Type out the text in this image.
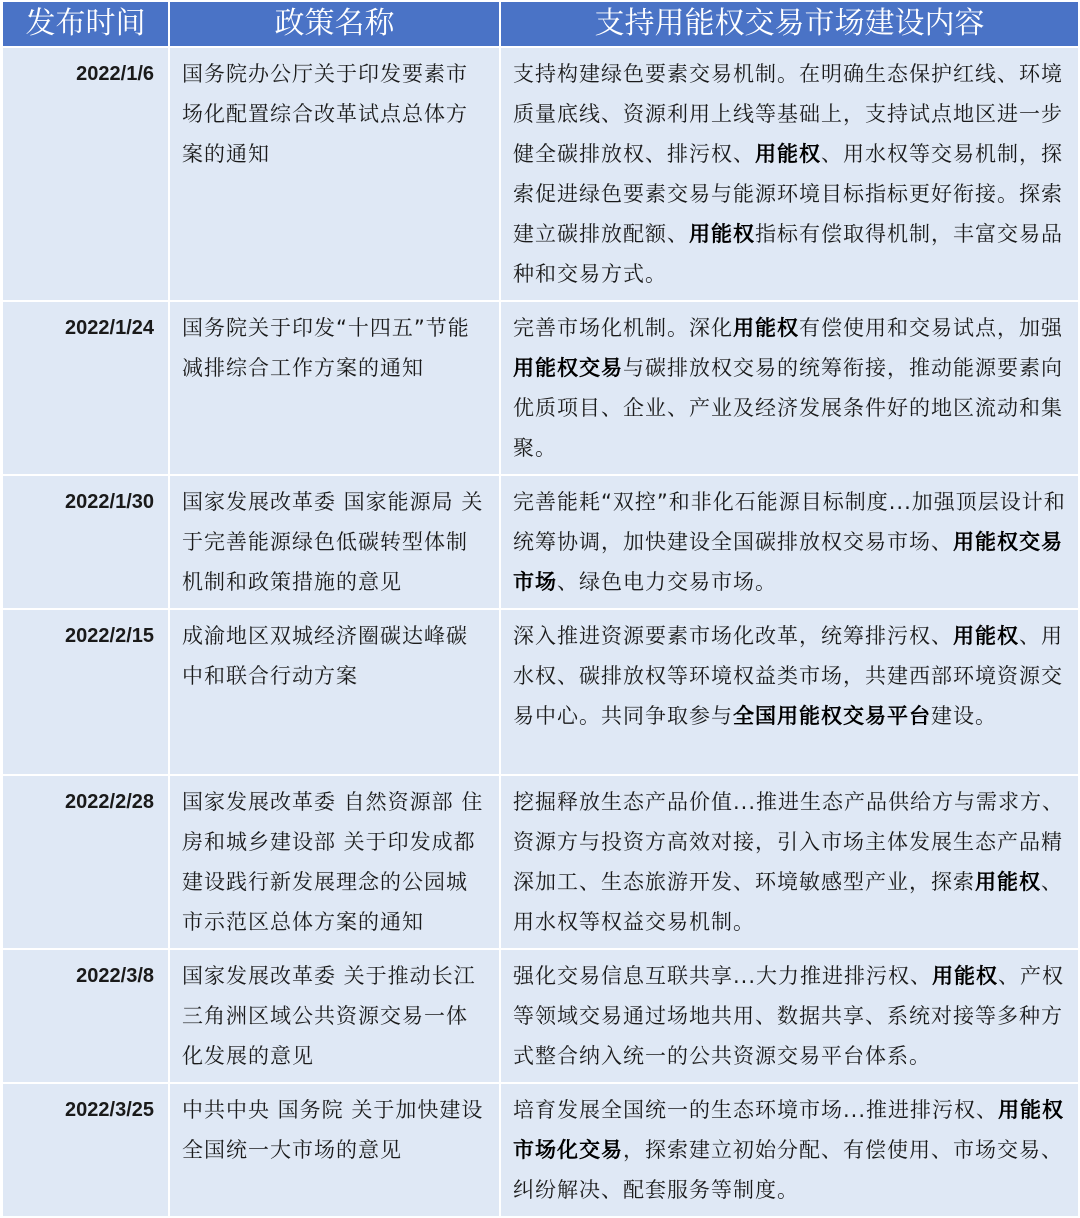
发布时间	政策名称	支持用能权交易市场建设内容
2022/1/6	国务院办公厅关于印发要素市场化配置综合改革试点总体方案的通知	支持构建绿色要素交易机制。在明确生态保护红线、环境质量底线、资源利用上线等基础上，支持试点地区进一步健全碳排放权、排污权、用能权、用水权等交易机制，探索促进绿色要素交易与能源环境目标指标更好衔接。探索建立碳排放配额、用能权指标有偿取得机制，丰富交易品种和交易方式。
2022/1/24	国务院关于印发“十四五”节能减排综合工作方案的通知	完善市场化机制。深化用能权有偿使用和交易试点，加强用能权交易与碳排放权交易的统筹衔接，推动能源要素向优质项目、企业、产业及经济发展条件好的地区流动和集聚。
2022/1/30	国家发展改革委 国家能源局 关于完善能源绿色低碳转型体制机制和政策措施的意见	完善能耗“双控”和非化石能源目标制度...加强顶层设计和统筹协调，加快建设全国碳排放权交易市场、用能权交易市场、绿色电力交易市场。
2022/2/15	成渝地区双城经济圈碳达峰碳中和联合行动方案	深入推进资源要素市场化改革，统筹排污权、用能权、用水权、碳排放权等环境权益类市场，共建西部环境资源交易中心。共同争取参与全国用能权交易平台建设。
2022/2/28	国家发展改革委 自然资源部 住房和城乡建设部 关于印发成都建设践行新发展理念的公园城市示范区总体方案的通知	挖掘释放生态产品价值...推进生态产品供给方与需求方、资源方与投资方高效对接，引入市场主体发展生态产品精深加工、生态旅游开发、环境敏感型产业，探索用能权、用水权等权益交易机制。
2022/3/8	国家发展改革委 关于推动长江三角洲区域公共资源交易一体化发展的意见	强化交易信息互联共享...大力推进排污权、用能权、产权等领域交易通过场地共用、数据共享、系统对接等多种方式整合纳入统一的公共资源交易平台体系。
2022/3/25	中共中央 国务院 关于加快建设全国统一大市场的意见	培育发展全国统一的生态环境市场...推进排污权、用能权市场化交易，探索建立初始分配、有偿使用、市场交易、纠纷解决、配套服务等制度。
